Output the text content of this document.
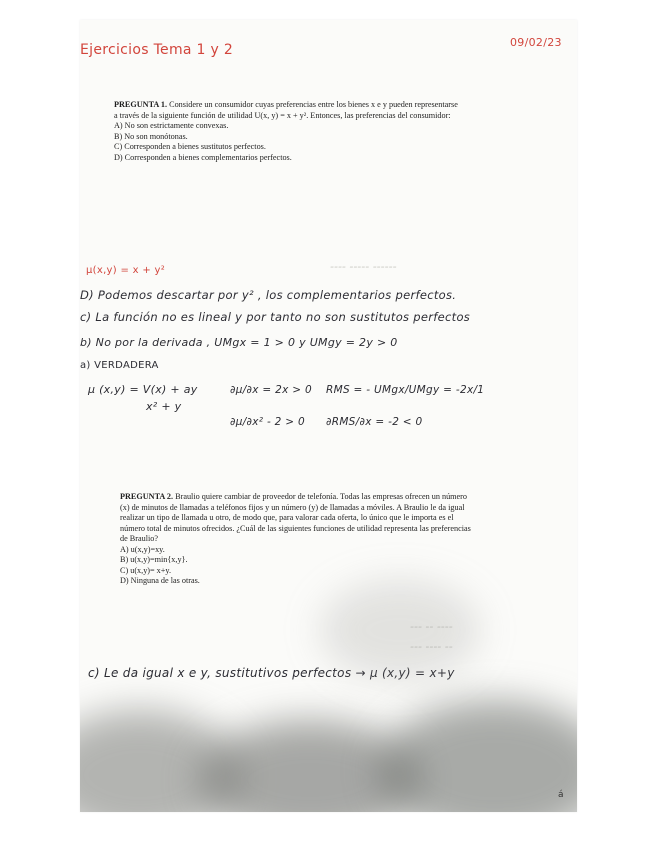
---- ----- ------
--- -- ----
--- ---- --
Ejercicios Tema 1 y 2	09/02/23
PREGUNTA 1. Considere un consumidor cuyas preferencias entre los bienes x e y pueden representarse
a través de la siguiente función de utilidad U(x, y) = x + y². Entonces, las preferencias del consumidor:
A) No son estrictamente convexas.
B) No son monótonas.
C) Corresponden a bienes sustitutos perfectos.
D) Corresponden a bienes complementarios perfectos.
µ(x,y) = x + y²
D) Podemos descartar por y² , los complementarios perfectos.
c) La función no es lineal y por tanto no son sustitutos perfectos
b) No por la derivada , UMgx = 1 > 0 y UMgy = 2y > 0
a) VERDADERA
µ (x,y) = V(x) + ay
x² + y
∂µ/∂x = 2x > 0 RMS = - UMgx/UMgy = -2x/1
∂µ/∂x² - 2 > 0 ∂RMS/∂x = -2 < 0
PREGUNTA 2. Braulio quiere cambiar de proveedor de telefonía. Todas las empresas ofrecen un número
(x) de minutos de llamadas a teléfonos fijos y un número (y) de llamadas a móviles. A Braulio le da igual
realizar un tipo de llamada u otro, de modo que, para valorar cada oferta, lo único que le importa es el
número total de minutos ofrecidos. ¿Cuál de las siguientes funciones de utilidad representa las preferencias
de Braulio?
A) u(x,y)=xy.
B) u(x,y)=min{x,y}.
C) u(x,y)= x+y.
D) Ninguna de las otras.
c) Le da igual x e y, sustitutivos perfectos → µ (x,y) = x+y
á
